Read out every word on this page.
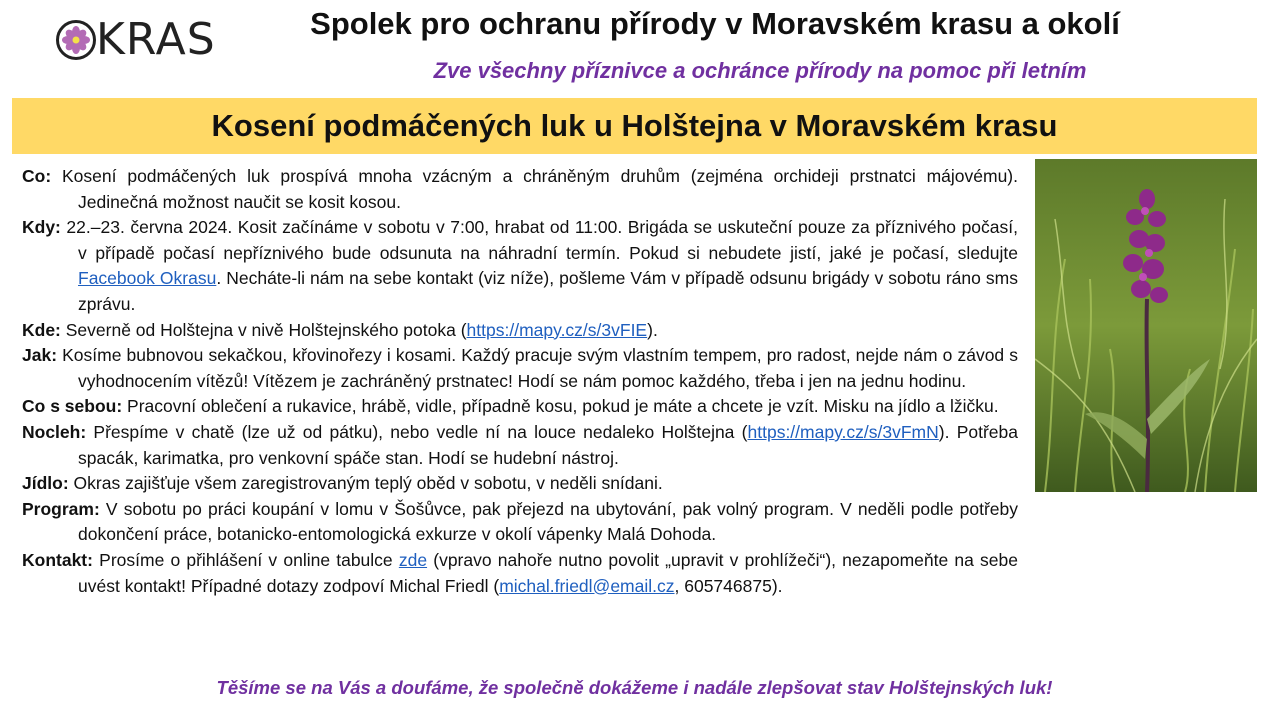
KRAS	Spolek pro ochranu přírody v Moravském krasu a okolí
Zve všechny příznivce a ochránce přírody na pomoc při letním
Kosení podmáčených luk u Holštejna v Moravském krasu

Co: Kosení podmáčených luk prospívá mnoha vzácným a chráněným druhům (zejména orchideji prstnatci májovému). Jedinečná možnost naučit se kosit kosou.

Kdy: 22.–23. června 2024. Kosit začínáme v sobotu v 7:00, hrabat od 11:00. Brigáda se uskuteční pouze za příznivého počasí, v případě počasí nepříznivého bude odsunuta na náhradní termín. Pokud si nebudete jistí, jaké je počasí, sledujte Facebook Okrasu. Necháte-li nám na sebe kontakt (viz níže), pošleme Vám v případě odsunu brigády v sobotu ráno sms zprávu.

Kde: Severně od Holštejna v nivě Holštejnského potoka (https://mapy.cz/s/3vFIE).

Jak: Kosíme bubnovou sekačkou, křovinořezy i kosami. Každý pracuje svým vlastním tempem, pro radost, nejde nám o závod s vyhodnocením vítězů! Vítězem je zachráněný prstnatec! Hodí se nám pomoc každého, třeba i jen na jednu hodinu.

Co s sebou: Pracovní oblečení a rukavice, hrábě, vidle, případně kosu, pokud je máte a chcete je vzít. Misku na jídlo a lžičku.

Nocleh: Přespíme v chatě (lze už od pátku), nebo vedle ní na louce nedaleko Holštejna (https://mapy.cz/s/3vFmN). Potřeba spacák, karimatka, pro venkovní spáče stan. Hodí se hudební nástroj.

Jídlo: Okras zajišťuje všem zaregistrovaným teplý oběd v sobotu, v neděli snídani.

Program: V sobotu po práci koupání v lomu v Šošůvce, pak přejezd na ubytování, pak volný program. V neděli podle potřeby dokončení práce, botanicko-entomologická exkurze v okolí vápenky Malá Dohoda.

Kontakt: Prosíme o přihlášení v online tabulce zde (vpravo nahoře nutno povolit „upravit v prohlížeči“), nezapomeňte na sebe uvést kontakt! Případné dotazy zodpoví Michal Friedl (michal.friedl@email.cz, 605746875).

Těšíme se na Vás a doufáme, že společně dokážeme i nadále zlepšovat stav Holštejnských luk!
